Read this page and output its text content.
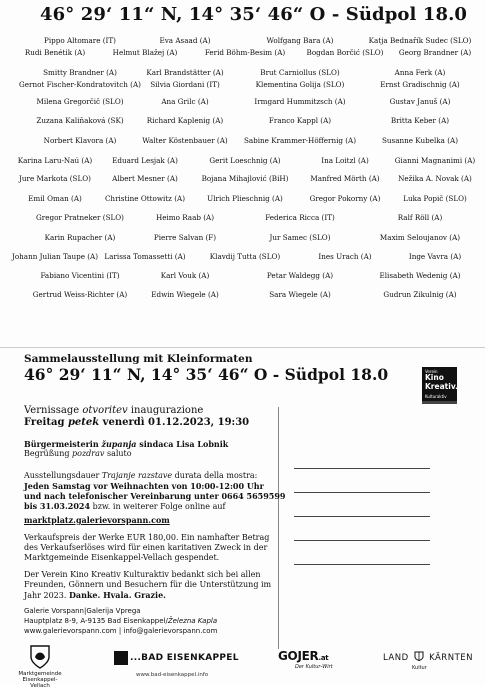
46° 29‘ 11“ N, 14° 35‘ 46“ O - Südpol 18.0
Pippo Altomare (IT)	Eva Asaad (A)	Wolfgang Bara (A)	Katja Bednařík Sudec (SLO)
Rudi Benétik (A)	Helmut Blažej (A)	Ferid Böhm-Besim (A)	Bogdan Borčić (SLO) Georg Brandner (A)
Smitty Brandner (A)	Karl Brandstätter (A)	Brut Carniollus (SLO)	Anna Ferk (A)
Gernot Fischer-Kondratovitch (A) Silvia Giordani (IT)	Klementina Golija (SLO)	Ernst Gradischnig (A)
Milena Gregorčič (SLO)	Ana Grilc (A)	Irmgard Hummitzsch (A)	Gustav Januš (A)
Zuzana Kaliňaková (SK)	Richard Kaplenig (A)	Franco Kappl (A)	Britta Keber (A)
Norbert Klavora (A)	Walter Köstenbauer (A) Sabine Krammer-Höffernig (A)	Susanne Kubelka (A)
Karina Laru-Naú (A)	Eduard Lesjak (A)	Gerit Loeschnig (A)	Ina Loitzl (A)	Gianni Magnanimi (A)
Jure Markota (SLO)	Albert Mesner (A)	Bojana Mihajlović (BiH)	Manfred Mörth (A)	Nežika A. Novak (A)
Emil Oman (A)	Christine Ottowitz (A)	Ulrich Plieschnig (A)	Gregor Pokorny (A)	Luka Popič (SLO)
Gregor Pratneker (SLO)	Heimo Raab (A)	Federica Ricca (IT)	Ralf Röll (A)
Karin Rupacher (A)	Pierre Salvan (F)	Jur Samec (SLO)	Maxim Seloujanov (A)
Johann Julian Taupe (A) Larissa Tomassetti (A)	Klavdij Tutta (SLO)	Ines Urach (A)	Inge Vavra (A)
Fabiano Vicentini (IT)	Karl Vouk (A)	Petar Waldegg (A)	Elisabeth Wedenig (A)
Gertrud Weiss-Richter (A)	Edwin Wiegele (A)	Sara Wiegele (A)	Gudrun Zikulnig (A)
Sammelausstellung mit Kleinformaten
46° 29‘ 11“ N, 14° 35‘ 46“ O - Südpol 18.0	Verein
Kino
Kreativ.
Kulturaktiv
Vernissage otvoritev inaugurazione
Freitag petek venerdì 01.12.2023, 19:30
Bürgermeisterin županja sindaca Lisa Lobnik
Begrüßung pozdrav saluto
Ausstellungsdauer Trajanje razstave durata della mostra:
Jeden Samstag vor Weihnachten von 10:00-12:00 Uhr
und nach telefonischer Vereinbarung unter 0664 5659599
bis 31.03.2024 bzw. in weiterer Folge online auf
marktplatz.galerievorspann.com
Verkaufspreis der Werke EUR 180,00. Ein namhafter Betrag
des Verkaufserlöses wird für einen karitativen Zweck in der
Marktgemeinde Eisenkappel-Vellach gespendet.
Der Verein Kino Kreativ Kulturaktiv bedankt sich bei allen
Freunden, Gönnern und Besuchern für die Unterstützung im
Jahr 2023. Danke. Hvala. Grazie.
Galerie Vorspann|Galerija Vprega
Hauptplatz 8-9, A-9135 Bad Eisenkappel/Železna Kapla
www.galerievorspann.com | info@galerievorspann.com
Marktgemeinde
Eisenkappel-Vellach
...BAD EISENKAPPEL
www.bad-eisenkappel.info
GOJER.at
Der Kultur‑Wirt
LAND KÄRNTEN
Kultur
